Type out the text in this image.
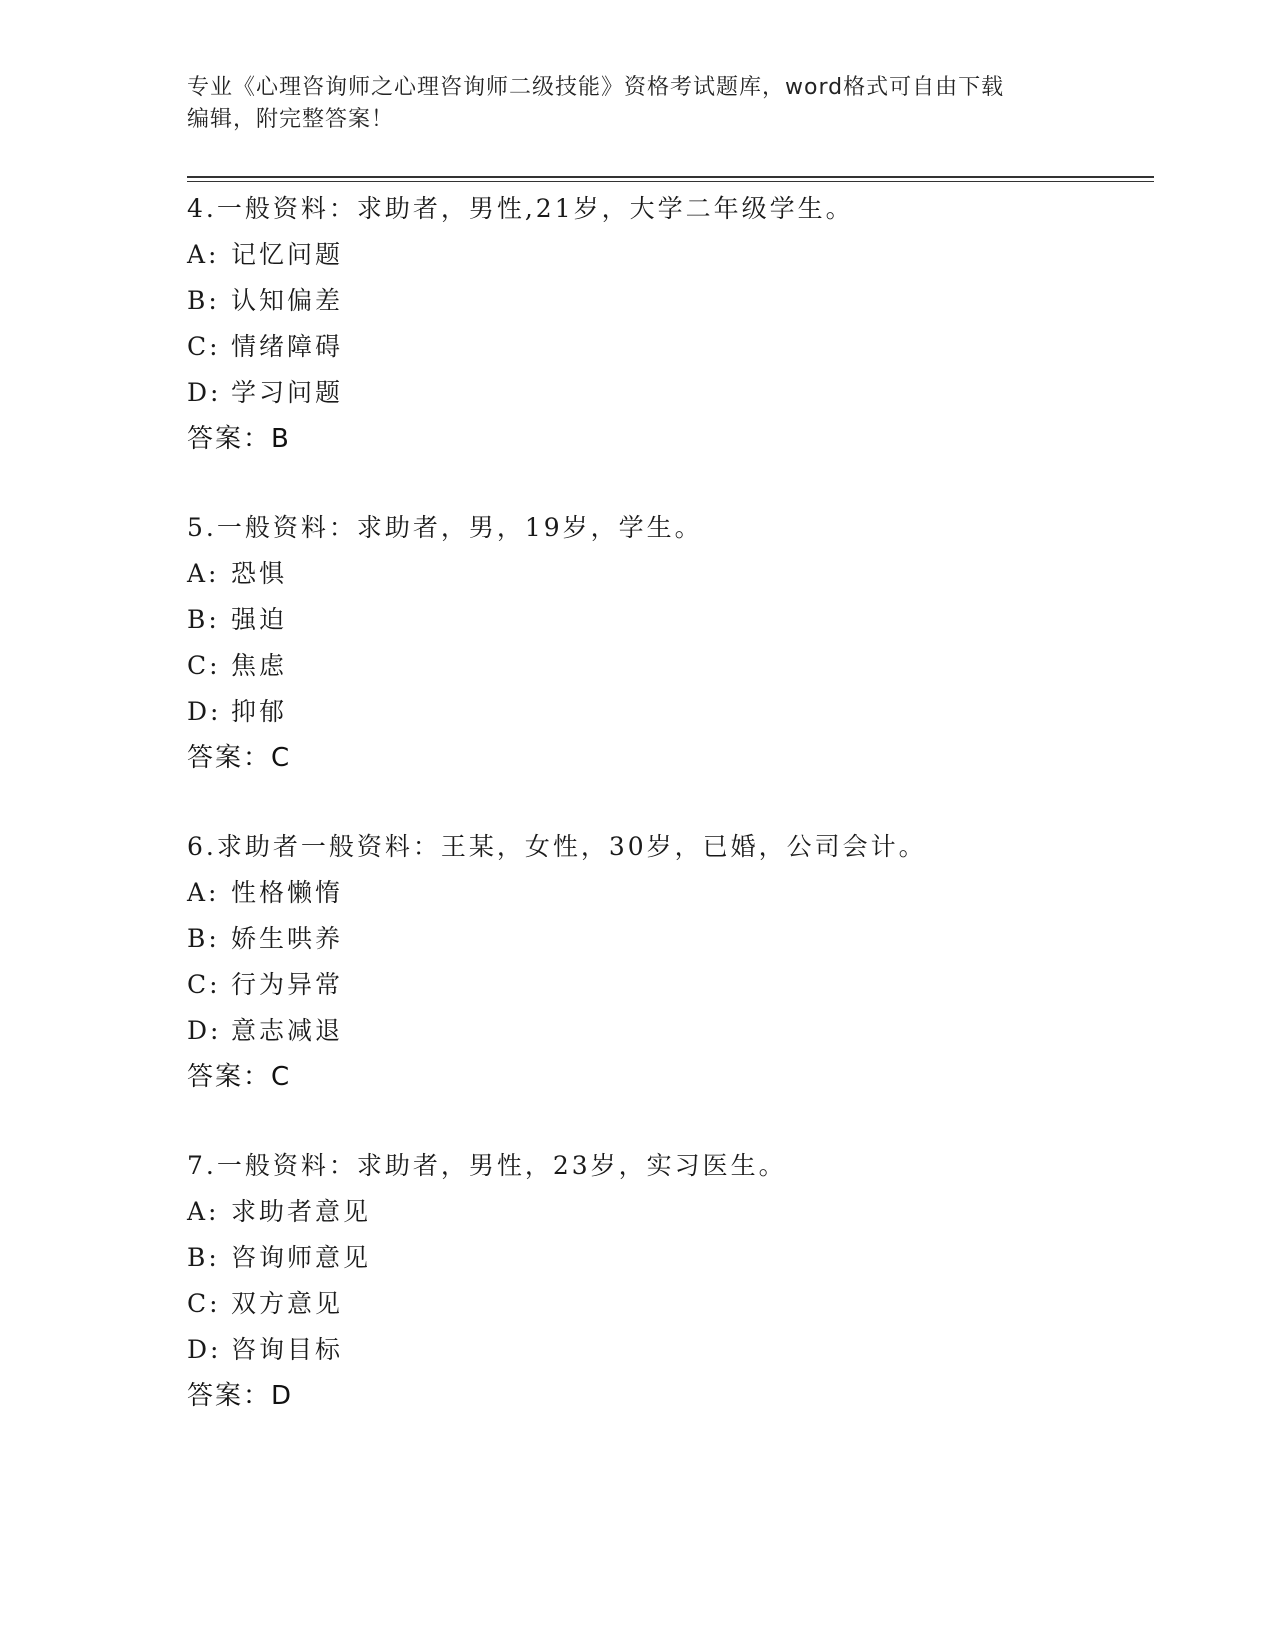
专业《心理咨询师之心理咨询师二级技能》资格考试题库，word格式可自由下载
编辑，附完整答案！
4.一般资料：求助者，男性,21岁，大学二年级学生。
A: 记忆问题
B: 认知偏差
C: 情绪障碍
D: 学习问题
答案：B
5.一般资料：求助者，男，19岁，学生。
A: 恐惧
B: 强迫
C: 焦虑
D: 抑郁
答案：C
6.求助者一般资料：王某，女性，30岁，已婚，公司会计。
A: 性格懒惰
B: 娇生哄养
C: 行为异常
D: 意志减退
答案：C
7.一般资料：求助者，男性，23岁，实习医生。
A: 求助者意见
B: 咨询师意见
C: 双方意见
D: 咨询目标
答案：D
